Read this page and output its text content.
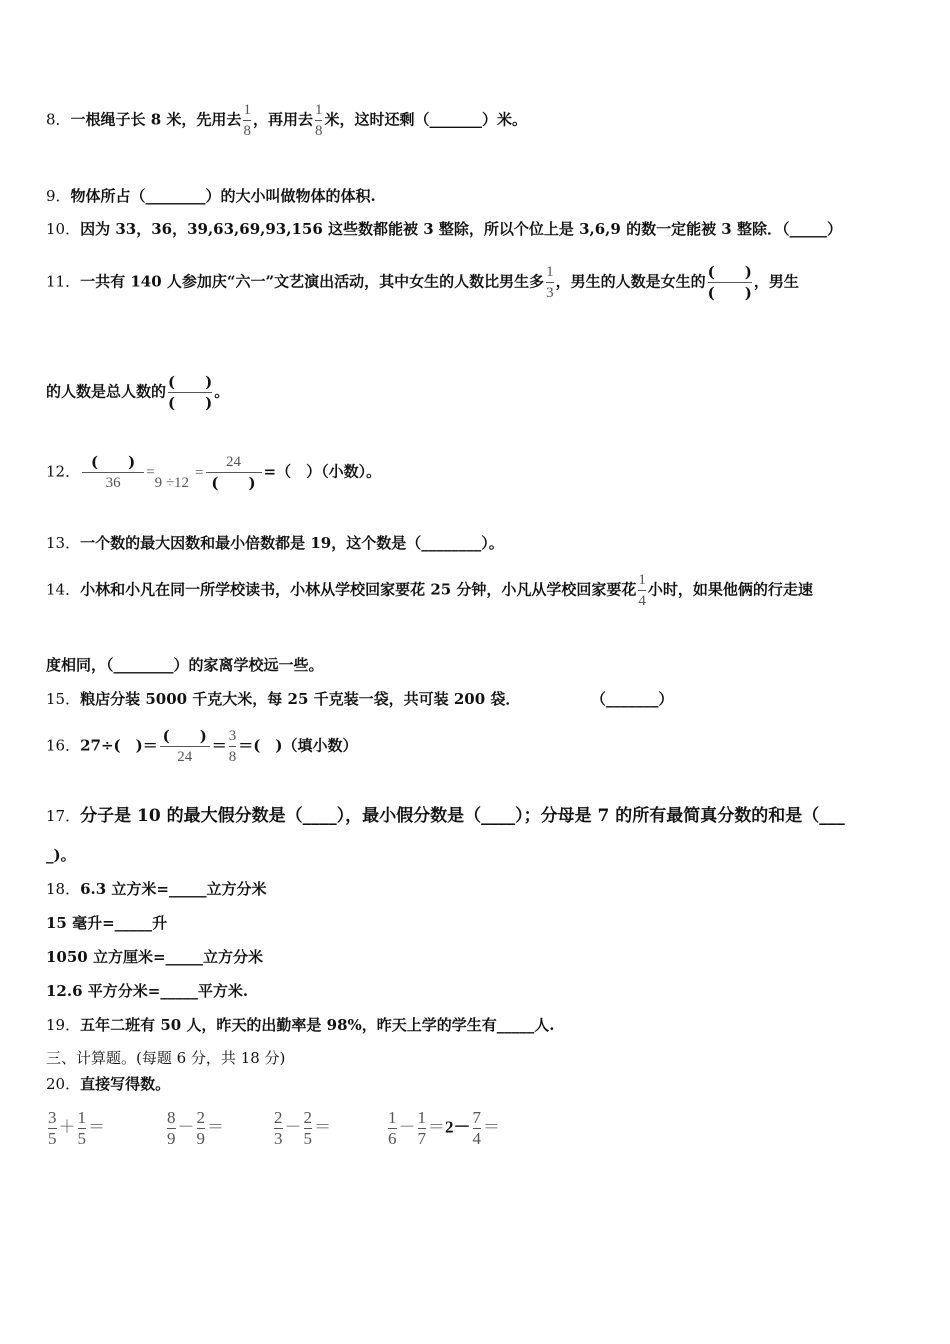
8．一根绳子长 8 米，先用去 $\frac{1}{8}$ ，再用去 $\frac{1}{8}$ 米，这时还剩（_______）米。
9．物体所占（________）的大小叫做物体的体积.
10．因为 33，36，39,63,69,93,156 这些数都能被 3 整除，所以个位上是 3,6,9 的数一定能被 3 整除．（_____）
11．一共有 140 人参加庆“六一”文艺演出活动，其中女生的人数比男生多 $\frac{1}{3}$ ，男生的人数是女生的
(　　)
(　　)
，男生
的人数是总人数的
(　　)
(　　)
。
12．
(　　)
36
=9 ÷12=
24
(　　)
=（　）（小数）。
13．一个数的最大因数和最小倍数都是 19，这个数是（________）。
14．小林和小凡在同一所学校读书，小林从学校回家要花 25 分钟，小凡从学校回家要花 $\frac{1}{4}$ 小时，如果他俩的行走速
度相同，（________）的家离学校远一些。
15．粮店分装 5000 千克大米，每 25 千克装一袋，共可装 200 袋．	（_______）
16．27÷(　)＝
(　　)
24
＝ $\frac{3}{8}$ ＝(　)（填小数）
17．分子是 10 的最大假分数是（____），最小假分数是（____）；分母是 7 的所有最简真分数的和是（___
_)。
18．6.3 立方米=_____立方分米
15 毫升=_____升
1050 立方厘米=_____立方分米
12.6 平方分米=_____平方米.
19．五年二班有 50 人，昨天的出勤率是 98%，昨天上学的学生有_____人.
三、计算题。(每题 6 分，共 18 分)
20．直接写得数。
$\frac{3}{5} + \frac{1}{5}$ ＝	$\frac{8}{9} - \frac{2}{9}$ ＝	$\frac{2}{3} - \frac{2}{5}$ ＝	$\frac{1}{6} - \frac{1}{7} =2- \frac{7}{4}$ ＝
